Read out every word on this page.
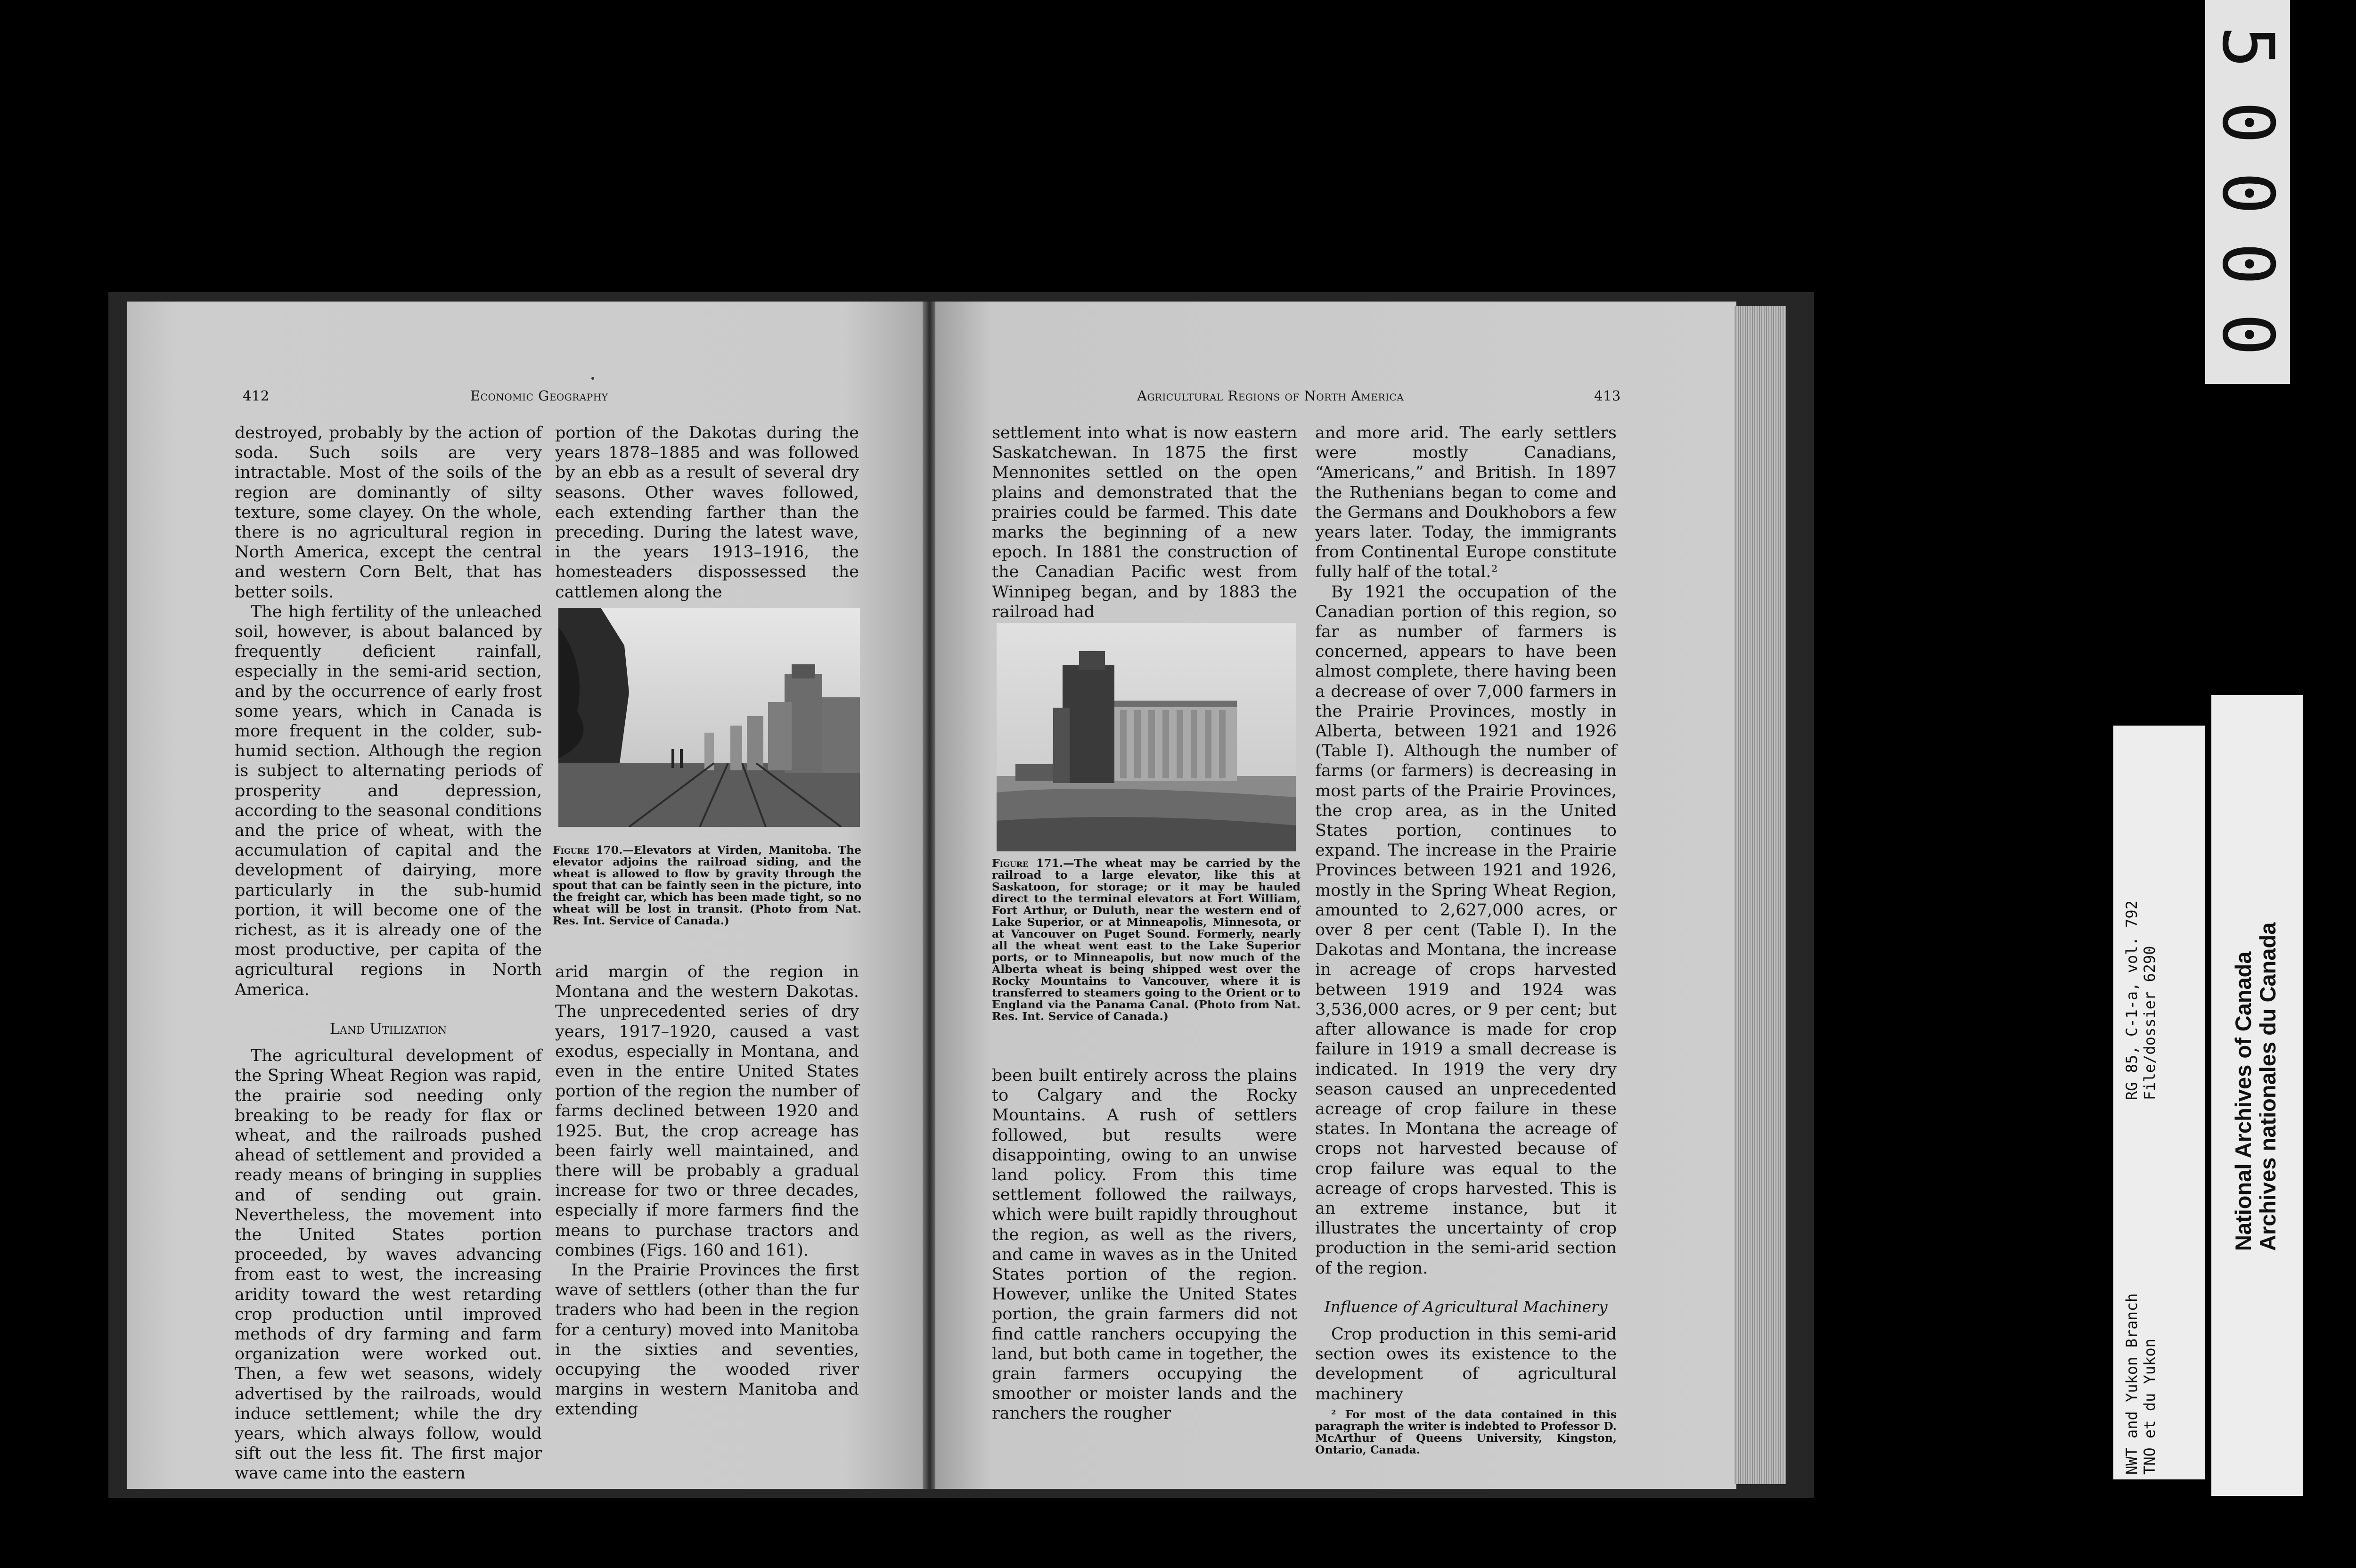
412	Economic Geography

destroyed, probably by the action of soda. Such soils are very intractable. Most of the soils of the region are dominantly of silty texture, some clayey. On the whole, there is no agricultural region in North America, except the central and western Corn Belt, that has better soils.

The high fertility of the unleached soil, however, is about balanced by frequently deficient rainfall, especially in the semi-arid section, and by the occurrence of early frost some years, which in Canada is more frequent in the colder, sub-humid section. Although the region is subject to alternating periods of prosperity and depression, according to the seasonal conditions and the price of wheat, with the accumulation of capital and the development of dairying, more particularly in the sub-humid portion, it will become one of the richest, as it is already one of the most productive, per capita of the agricultural regions in North America.

Land Utilization

The agricultural development of the Spring Wheat Region was rapid, the prairie sod needing only breaking to be ready for flax or wheat, and the railroads pushed ahead of settlement and provided a ready means of bringing in supplies and of sending out grain. Nevertheless, the movement into the United States portion proceeded, by waves advancing from east to west, the increasing aridity toward the west retarding crop production until improved methods of dry farming and farm organization were worked out. Then, a few wet seasons, widely advertised by the railroads, would induce settlement; while the dry years, which always follow, would sift out the less fit. The first major wave came into the eastern

portion of the Dakotas during the years 1878–1885 and was followed by an ebb as a result of several dry seasons. Other waves followed, each extending farther than the preceding. During the latest wave, in the years 1913–1916, the homesteaders dispossessed the cattlemen along the

Figure 170.—Elevators at Virden, Manitoba. The elevator adjoins the railroad siding, and the wheat is allowed to flow by gravity through the spout that can be faintly seen in the picture, into the freight car, which has been made tight, so no wheat will be lost in transit. (Photo from Nat. Res. Int. Service of Canada.)

arid margin of the region in Montana and the western Dakotas. The unprecedented series of dry years, 1917–1920, caused a vast exodus, especially in Montana, and even in the entire United States portion of the region the number of farms declined between 1920 and 1925. But, the crop acreage has been fairly well maintained, and there will be probably a gradual increase for two or three decades, especially if more farmers find the means to purchase tractors and combines (Figs. 160 and 161).

In the Prairie Provinces the first wave of settlers (other than the fur traders who had been in the region for a century) moved into Manitoba in the sixties and seventies, occupying the wooded river margins in western Manitoba and extending

Agricultural Regions of North America	413

settlement into what is now eastern Saskatchewan. In 1875 the first Mennonites settled on the open plains and demonstrated that the prairies could be farmed. This date marks the beginning of a new epoch. In 1881 the construction of the Canadian Pacific west from Winnipeg began, and by 1883 the railroad had

Figure 171.—The wheat may be carried by the railroad to a large elevator, like this at Saskatoon, for storage; or it may be hauled direct to the terminal elevators at Fort William, Fort Arthur, or Duluth, near the western end of Lake Superior, or at Minneapolis, Minnesota, or at Vancouver on Puget Sound. Formerly, nearly all the wheat went east to the Lake Superior ports, or to Minneapolis, but now much of the Alberta wheat is being shipped west over the Rocky Mountains to Vancouver, where it is transferred to steamers going to the Orient or to England via the Panama Canal. (Photo from Nat. Res. Int. Service of Canada.)

been built entirely across the plains to Calgary and the Rocky Mountains. A rush of settlers followed, but results were disappointing, owing to an unwise land policy. From this time settlement followed the railways, which were built rapidly throughout the region, as well as the rivers, and came in waves as in the United States portion of the region. However, unlike the United States portion, the grain farmers did not find cattle ranchers occupying the land, but both came in together, the grain farmers occupying the smoother or moister lands and the ranchers the rougher

and more arid. The early settlers were mostly Canadians, “Americans,” and British. In 1897 the Ruthenians began to come and the Germans and Doukhobors a few years later. Today, the immigrants from Continental Europe constitute fully half of the total.²

By 1921 the occupation of the Canadian portion of this region, so far as number of farmers is concerned, appears to have been almost complete, there having been a decrease of over 7,000 farmers in the Prairie Provinces, mostly in Alberta, between 1921 and 1926 (Table I). Although the number of farms (or farmers) is decreasing in most parts of the Prairie Provinces, the crop area, as in the United States portion, continues to expand. The increase in the Prairie Provinces between 1921 and 1926, mostly in the Spring Wheat Region, amounted to 2,627,000 acres, or over 8 per cent (Table I). In the Dakotas and Montana, the increase in acreage of crops harvested between 1919 and 1924 was 3,536,000 acres, or 9 per cent; but after allowance is made for crop failure in 1919 a small decrease is indicated. In 1919 the very dry season caused an unprecedented acreage of crop failure in these states. In Montana the acreage of crops not harvested because of crop failure was equal to the acreage of crops harvested. This is an extreme instance, but it illustrates the uncertainty of crop production in the semi-arid section of the region.

Influence of Agricultural Machinery

Crop production in this semi-arid section owes its existence to the development of agricultural machinery

² For most of the data contained in this paragraph the writer is indebted to Professor D. McArthur of Queens University, Kingston, Ontario, Canada.
0
0
0
0
5
RG 85, C-1-a, vol. 792 File/dossier 6290
NWT and Yukon Branch TNO et du Yukon
National Archives of Canada Archives nationales du Canada
